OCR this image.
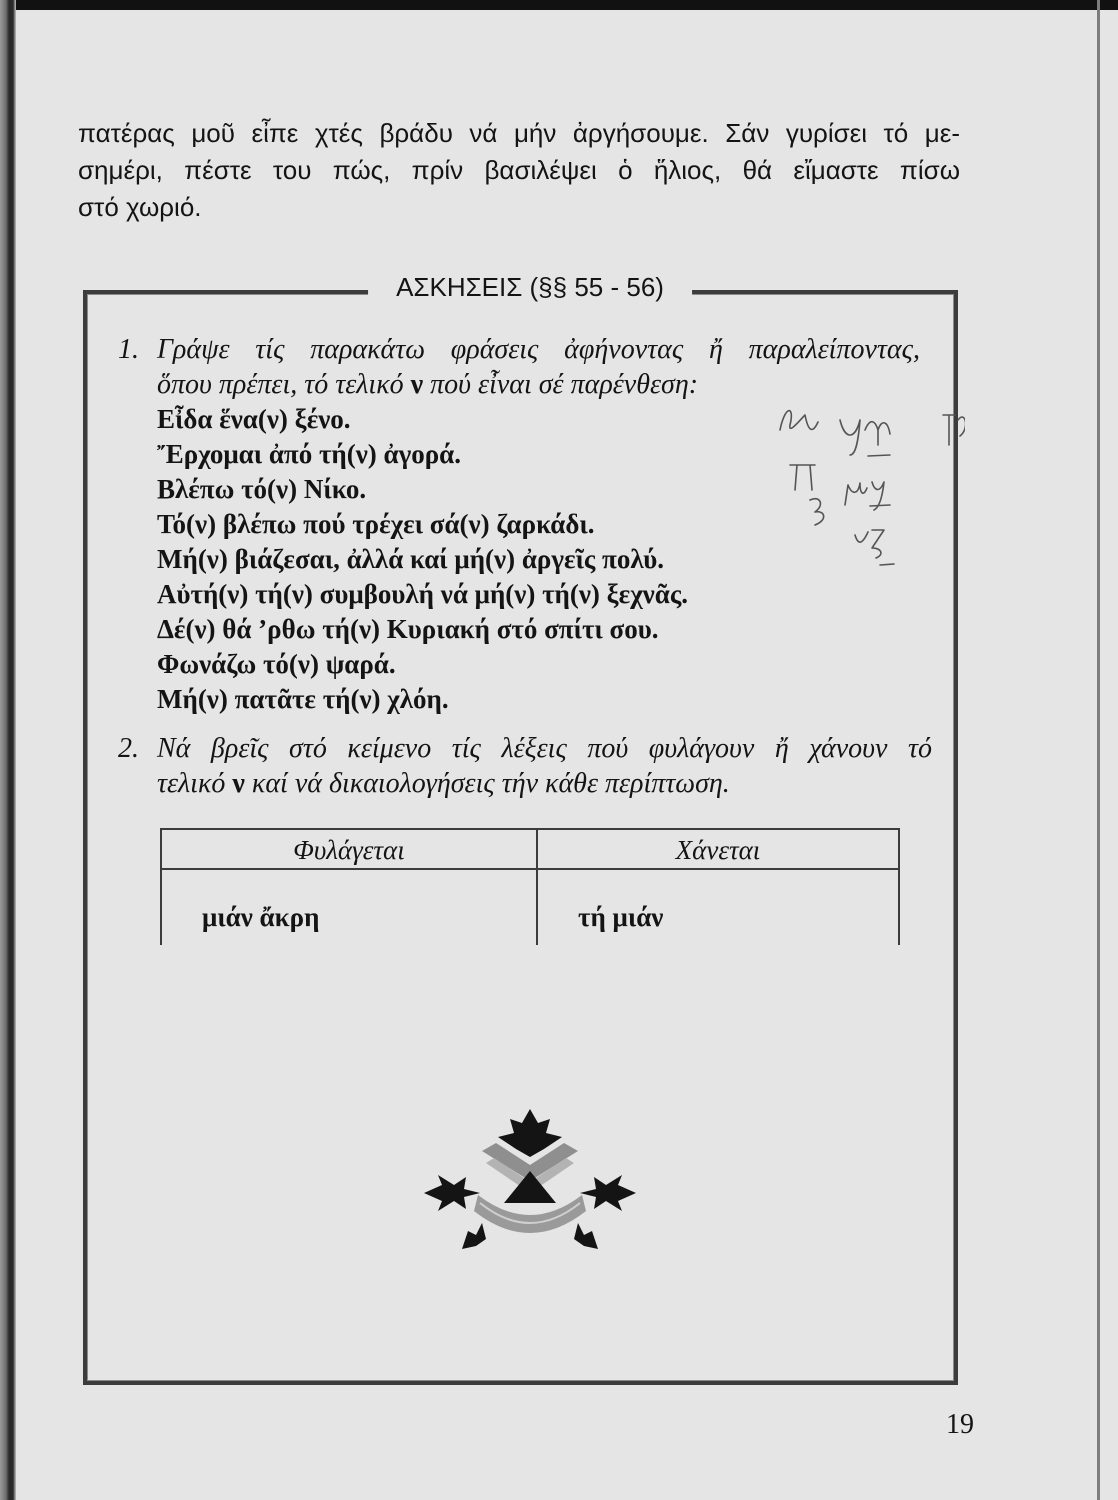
πατέρας μοῦ εἶπε χτές βράδυ νά μήν ἀργήσουμε. Σάν γυρίσει τό με-
σημέρι, πέστε του πώς, πρίν βασιλέψει ὁ ἥλιος, θά εἴμαστε πίσω
στό χωριό.
ΑΣΚΗΣΕΙΣ (§§ 55 - 56)
1. Γράψε τίς παρακάτω φράσεις ἀφήνοντας ἤ παραλείποντας,
ὅπου πρέπει, τό τελικό ν πού εἶναι σέ παρένθεση:
Εἶδα ἕνα(ν) ξένο.
Ἔρχομαι ἀπό τή(ν) ἀγορά.
Βλέπω τό(ν) Νίκο.
Τό(ν) βλέπω πού τρέχει σά(ν) ζαρκάδι.
Μή(ν) βιάζεσαι, ἀλλά καί μή(ν) ἀργεῖς πολύ.
Αὐτή(ν) τή(ν) συμβουλή νά μή(ν) τή(ν) ξεχνᾶς.
Δέ(ν) θά ’ρθω τή(ν) Κυριακή στό σπίτι σου.
Φωνάζω τό(ν) ψαρά.
Μή(ν) πατᾶτε τή(ν) χλόη.
2. Νά βρεῖς στό κείμενο τίς λέξεις πού φυλάγουν ἤ χάνουν τό
τελικό ν καί νά δικαιολογήσεις τήν κάθε περίπτωση.
Φυλάγεται	Χάνεται
μιάν ἄκρη	τή μιάν
19
